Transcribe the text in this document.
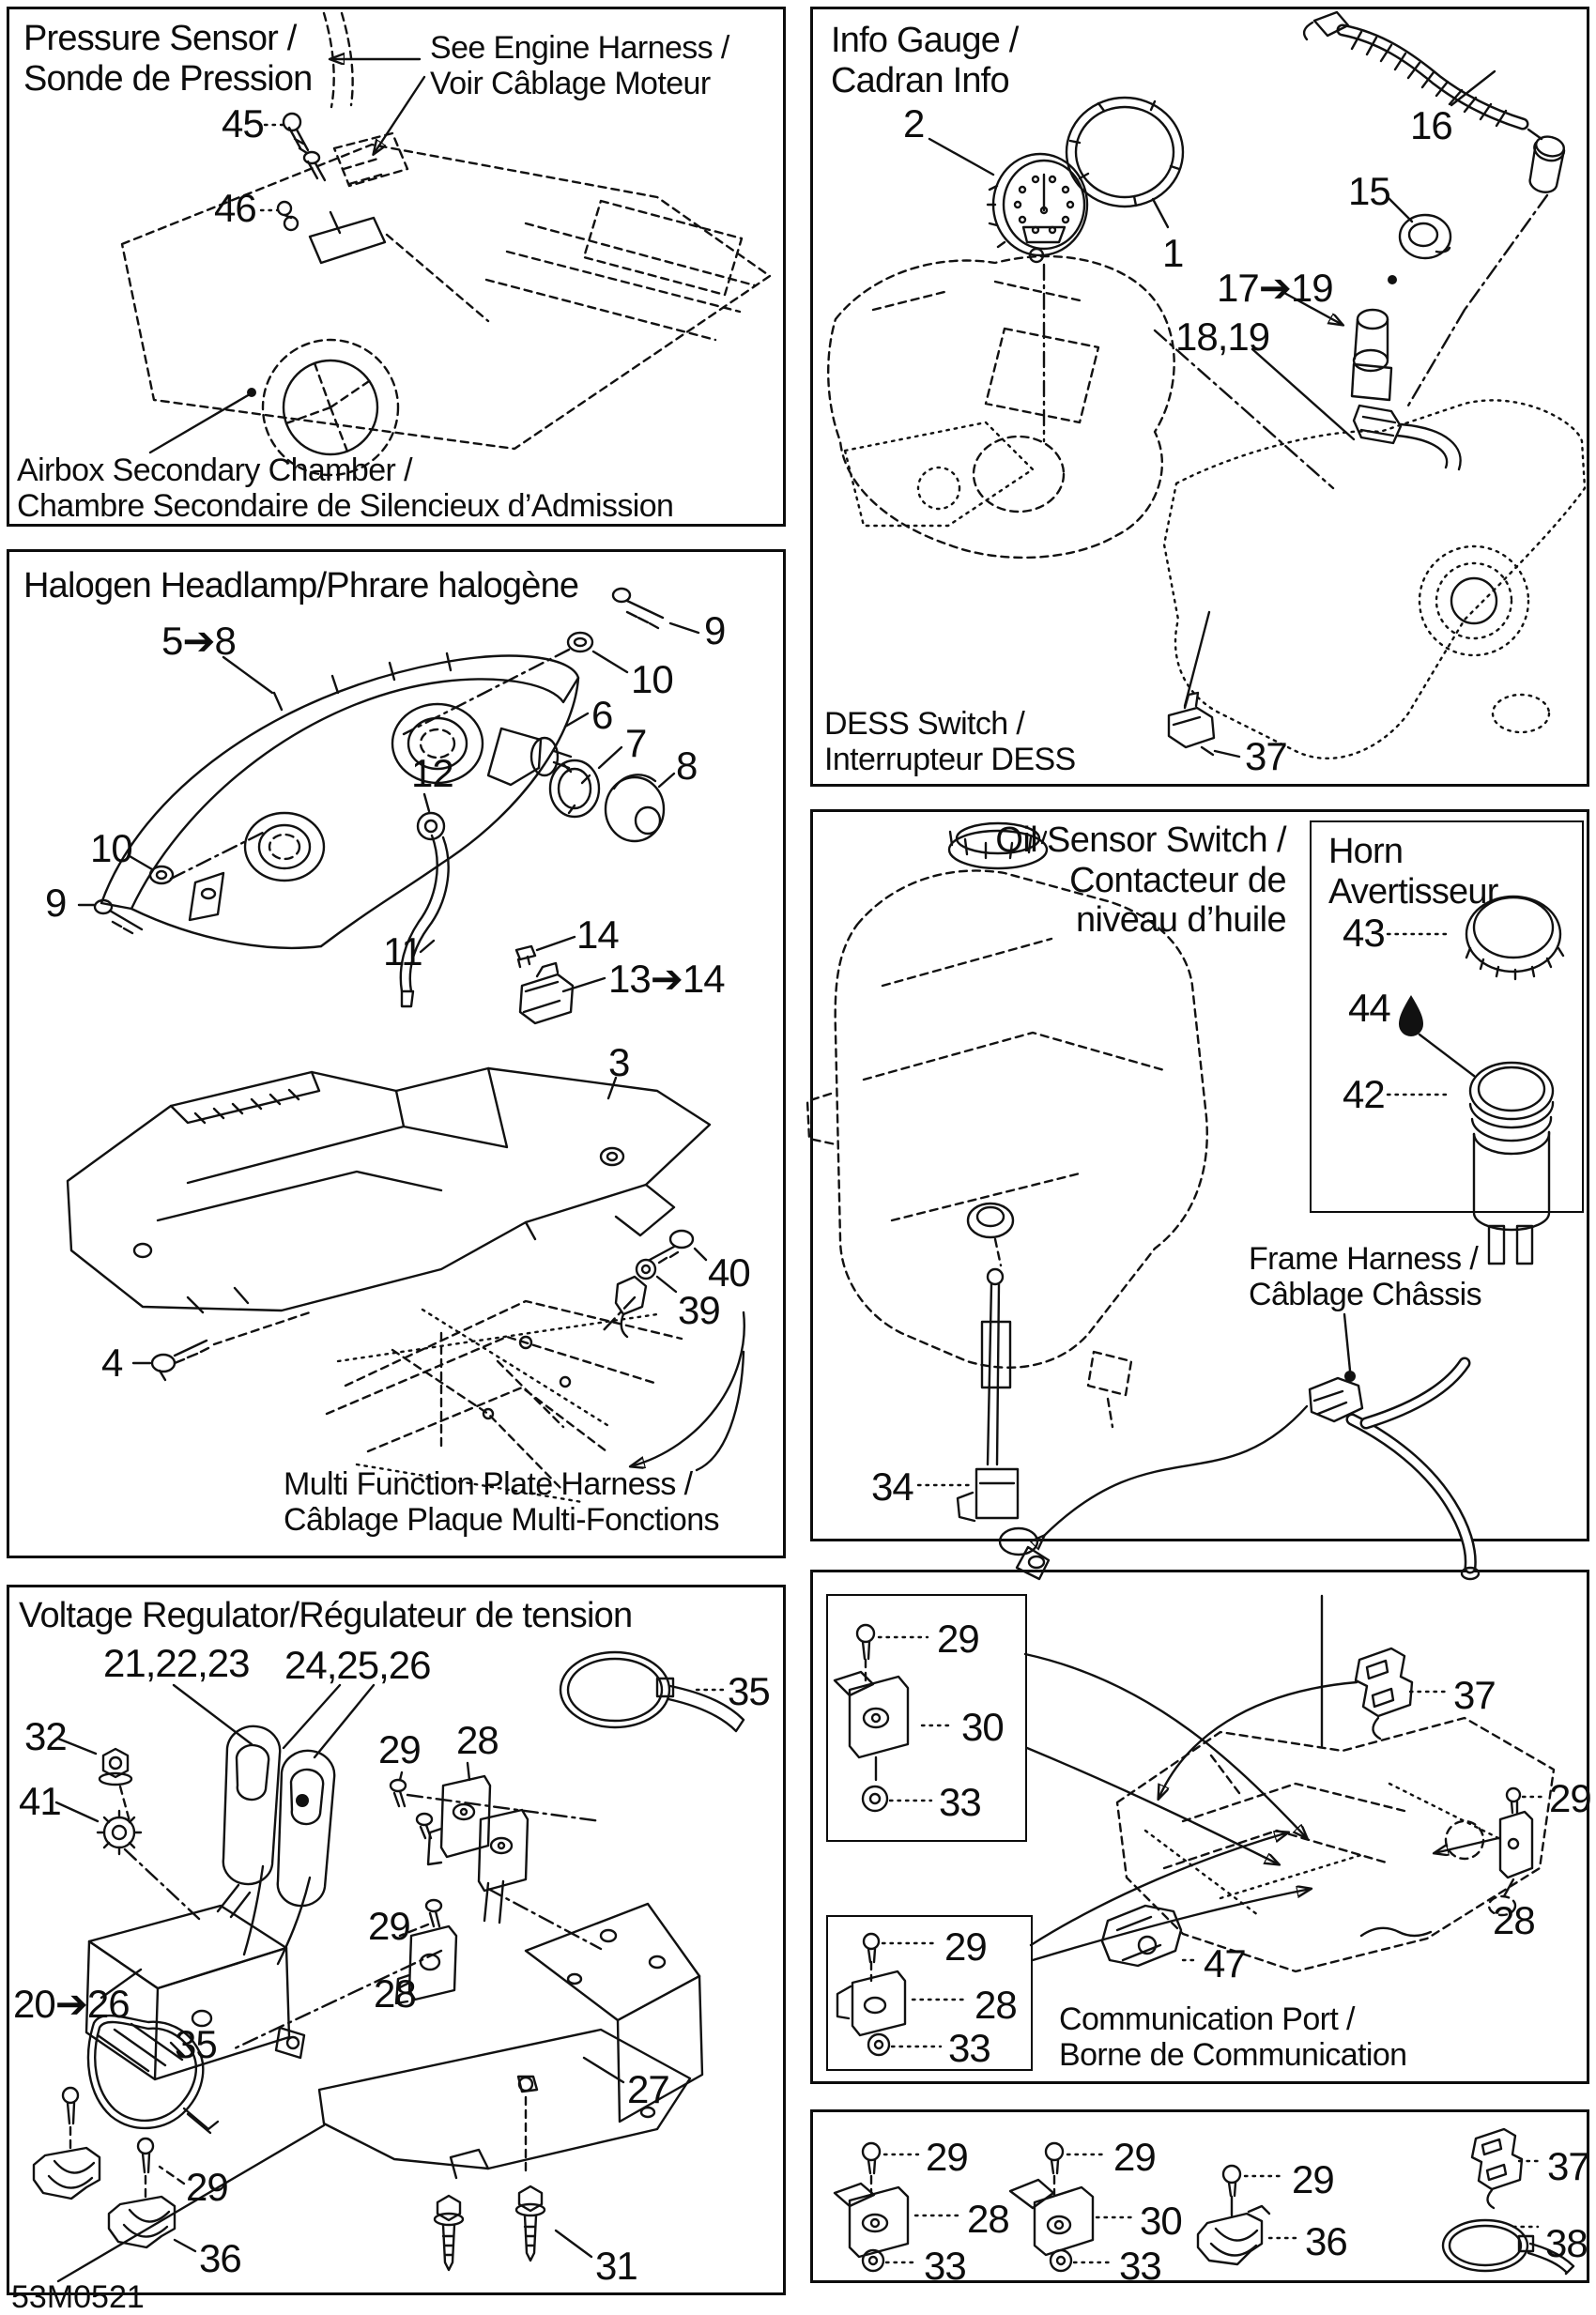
Pressure Sensor /
Sonde de Pression
See Engine Harness /
Voir Câblage Moteur
45
46
Airbox Secondary Chamber /
Chambre Secondaire de Silencieux d’Admission
Halogen Headlamp/Phrare halogène
5➔8	9
10
6
7
8
12
10
9
11	14
13➔14
3
40
39
4
Multi Function Plate Harness /
Câblage Plaque Multi-Fonctions
Info Gauge /
Cadran Info
2
1
16
15
17➔19
18,19
DESS Switch /
Interrupteur DESS	37
Oil Sensor Switch /
Contacteur de
niveau d’huile
Horn
Avertisseur
43
44
42
34
Frame Harness /
Câblage Châssis
Voltage Regulator/Régulateur de tension
21,22,23 24,25,26
32
41
29 28
35
29
28
20➔26
35
29
36
27
31
29
30
33
37
29
28
47
29
28
33
Communication Port /
Borne de Communication
29
28
33
29
30
33
29
36
37
38
53M0521
